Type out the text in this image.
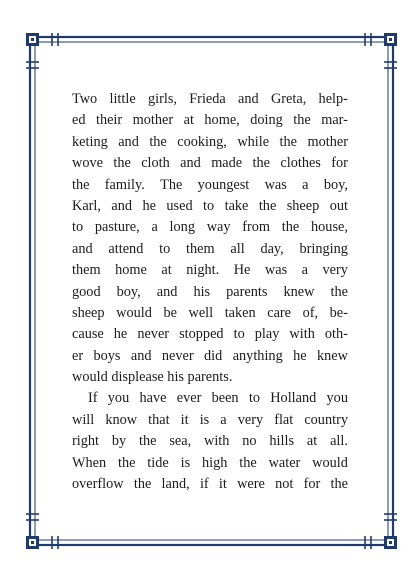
Two little girls, Frieda and Greta, help-
ed their mother at home, doing the mar-
keting and the cooking, while the mother
wove the cloth and made the clothes for
the family. The youngest was a boy,
Karl, and he used to take the sheep out
to pasture, a long way from the house,
and attend to them all day, bringing
them home at night. He was a very
good boy, and his parents knew the
sheep would be well taken care of, be-
cause he never stopped to play with oth-
er boys and never did anything he knew
would displease his parents.
If you have ever been to Holland you
will know that it is a very flat country
right by the sea, with no hills at all.
When the tide is high the water would
overflow the land, if it were not for the
